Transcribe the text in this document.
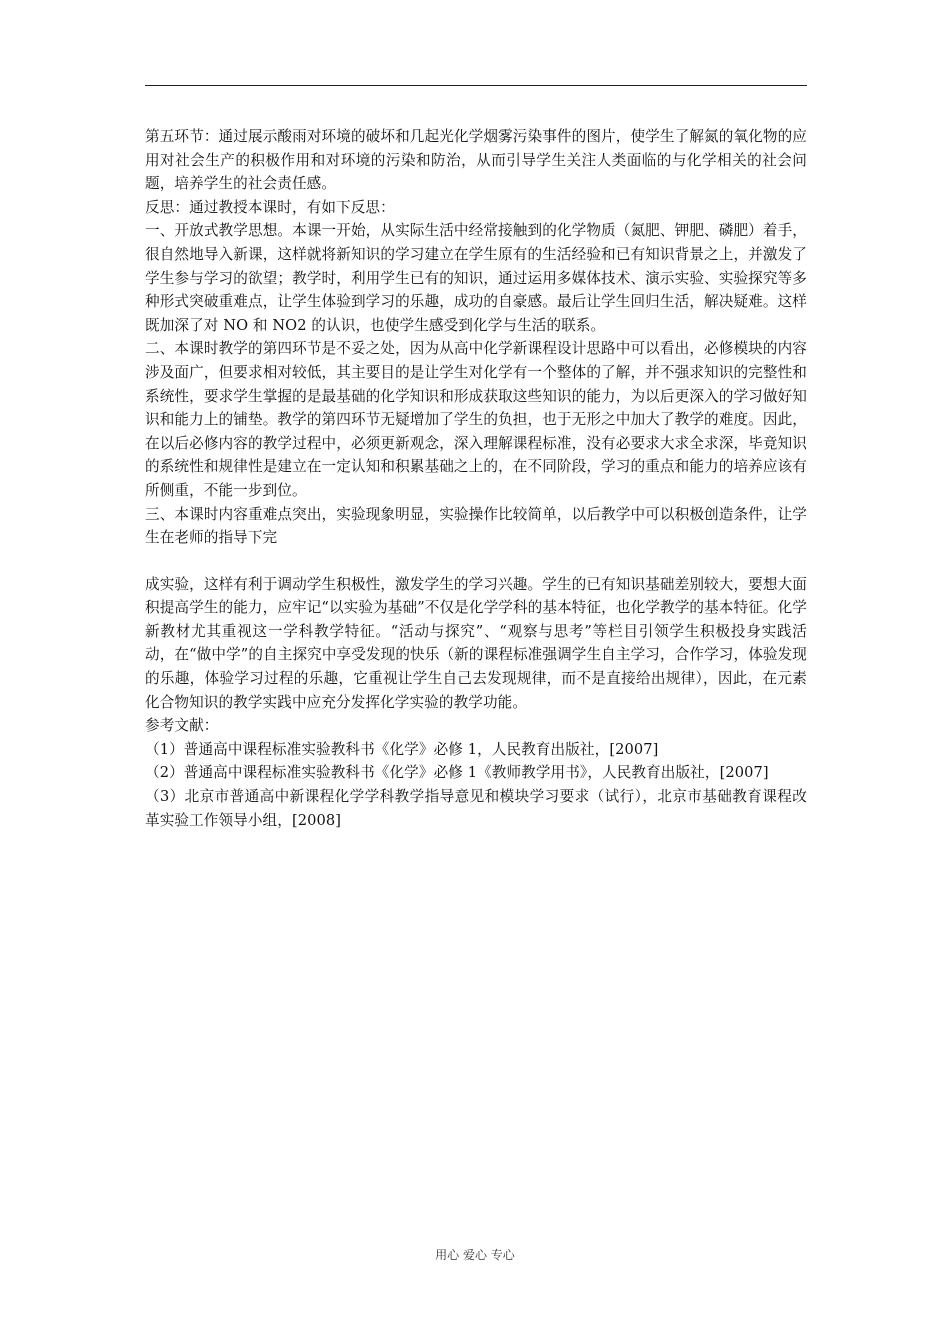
第五环节：通过展示酸雨对环境的破坏和几起光化学烟雾污染事件的图片，使学生了解氮的氧化物的应用对社会生产的积极作用和对环境的污染和防治，从而引导学生关注人类面临的与化学相关的社会问题，培养学生的社会责任感。

反思：通过教授本课时，有如下反思：

一、开放式教学思想。本课一开始，从实际生活中经常接触到的化学物质（氮肥、钾肥、磷肥）着手，很自然地导入新课，这样就将新知识的学习建立在学生原有的生活经验和已有知识背景之上，并激发了学生参与学习的欲望；教学时，利用学生已有的知识，通过运用多媒体技术、演示实验、实验探究等多种形式突破重难点，让学生体验到学习的乐趣，成功的自豪感。最后让学生回归生活，解决疑难。这样既加深了对 NO 和 NO2 的认识，也使学生感受到化学与生活的联系。

二、本课时教学的第四环节是不妥之处，因为从高中化学新课程设计思路中可以看出，必修模块的内容涉及面广，但要求相对较低，其主要目的是让学生对化学有一个整体的了解，并不强求知识的完整性和系统性，要求学生掌握的是最基础的化学知识和形成获取这些知识的能力，为以后更深入的学习做好知识和能力上的铺垫。教学的第四环节无疑增加了学生的负担，也于无形之中加大了教学的难度。因此，在以后必修内容的教学过程中，必须更新观念，深入理解课程标准，没有必要求大求全求深，毕竟知识的系统性和规律性是建立在一定认知和积累基础之上的，在不同阶段，学习的重点和能力的培养应该有所侧重，不能一步到位。

三、本课时内容重难点突出，实验现象明显，实验操作比较简单，以后教学中可以积极创造条件，让学生在老师的指导下完

成实验，这样有利于调动学生积极性，激发学生的学习兴趣。学生的已有知识基础差别较大，要想大面积提高学生的能力，应牢记“以实验为基础”不仅是化学学科的基本特征，也化学教学的基本特征。化学新教材尤其重视这一学科教学特征。“活动与探究”、“观察与思考”等栏目引领学生积极投身实践活动，在“做中学”的自主探究中享受发现的快乐（新的课程标准强调学生自主学习，合作学习，体验发现的乐趣，体验学习过程的乐趣，它重视让学生自己去发现规律，而不是直接给出规律），因此，在元素化合物知识的教学实践中应充分发挥化学实验的教学功能。

参考文献：

（1）普通高中课程标准实验教科书《化学》必修 1，人民教育出版社，[2007]

（2）普通高中课程标准实验教科书《化学》必修 1《教师教学用书》，人民教育出版社，[2007]

（3）北京市普通高中新课程化学学科教学指导意见和模块学习要求（试行），北京市基础教育课程改革实验工作领导小组，[2008]

用心 爱心 专心
